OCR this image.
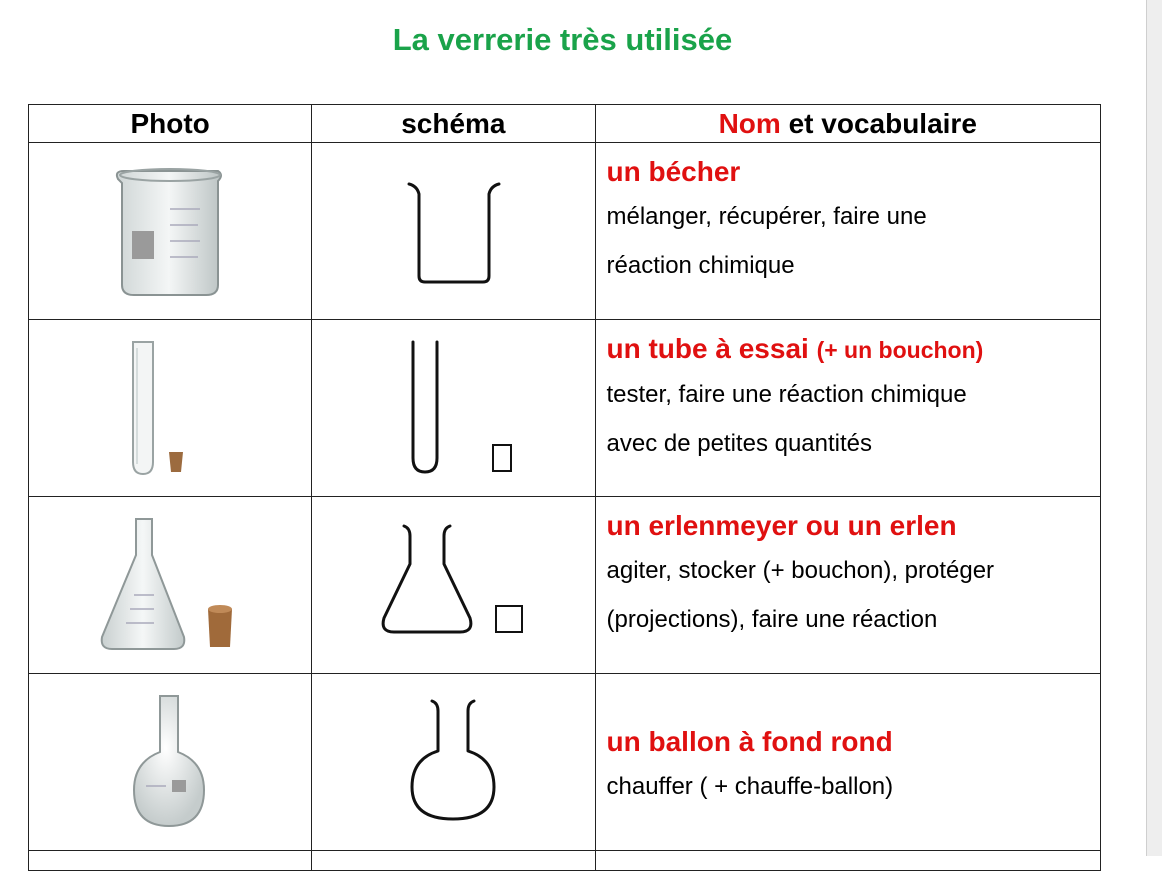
La verrerie très utilisée
Photo	schéma	Nom et vocabulaire

un bécher
mélanger, récupérer, faire une
réaction chimique

un tube à essai (+ un bouchon)
tester, faire une réaction chimique
avec de petites quantités

un erlenmeyer ou un erlen
agiter, stocker (+ bouchon), protéger
(projections), faire une réaction

un ballon à fond rond
chauffer ( + chauffe-ballon)
